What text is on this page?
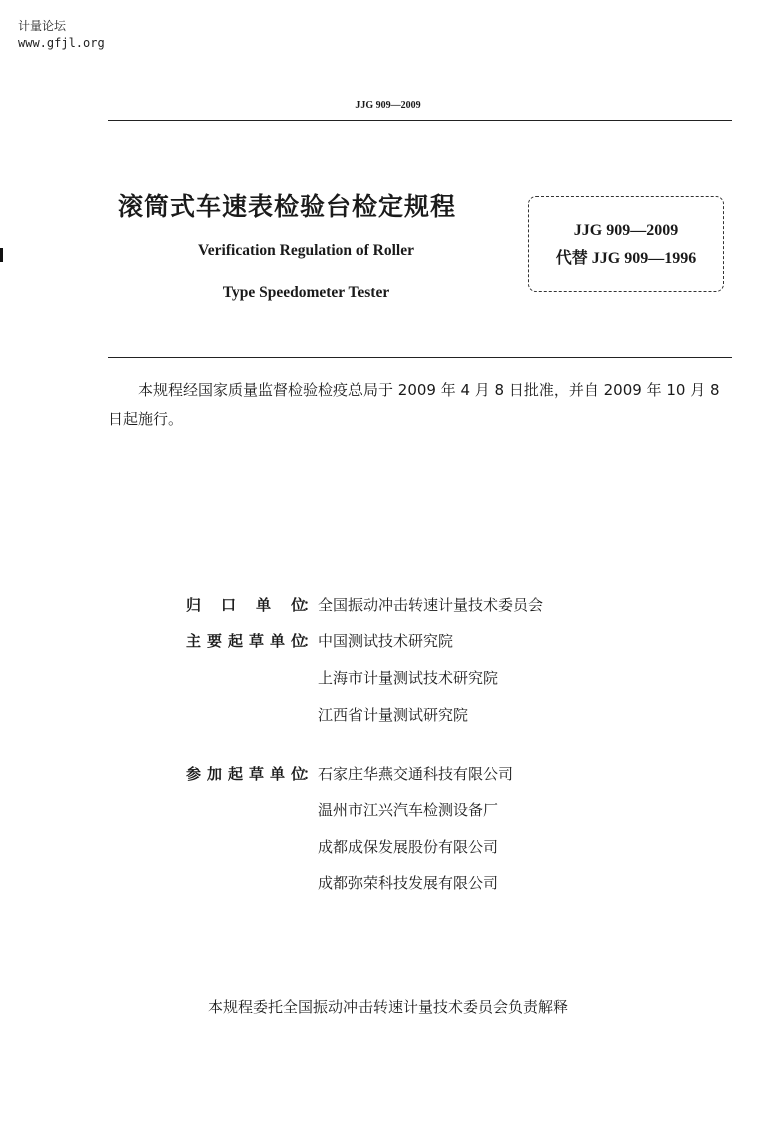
计量论坛
www.gfjl.org
JJG 909—2009
滚筒式车速表检验台检定规程
Verification Regulation of Roller
Type Speedometer Tester
JJG 909—2009
代替 JJG 909—1996
本规程经国家质量监督检验检疫总局于 2009 年 4 月 8 日批准，并自 2009 年 10 月 8 日起施行。
归口单位
： 全国振动冲击转速计量技术委员会
主要起草单位
： 中国测试技术研究院
上海市计量测试技术研究院
江西省计量测试研究院
参加起草单位
： 石家庄华燕交通科技有限公司
温州市江兴汽车检测设备厂
成都成保发展股份有限公司
成都弥荣科技发展有限公司
本规程委托全国振动冲击转速计量技术委员会负责解释
